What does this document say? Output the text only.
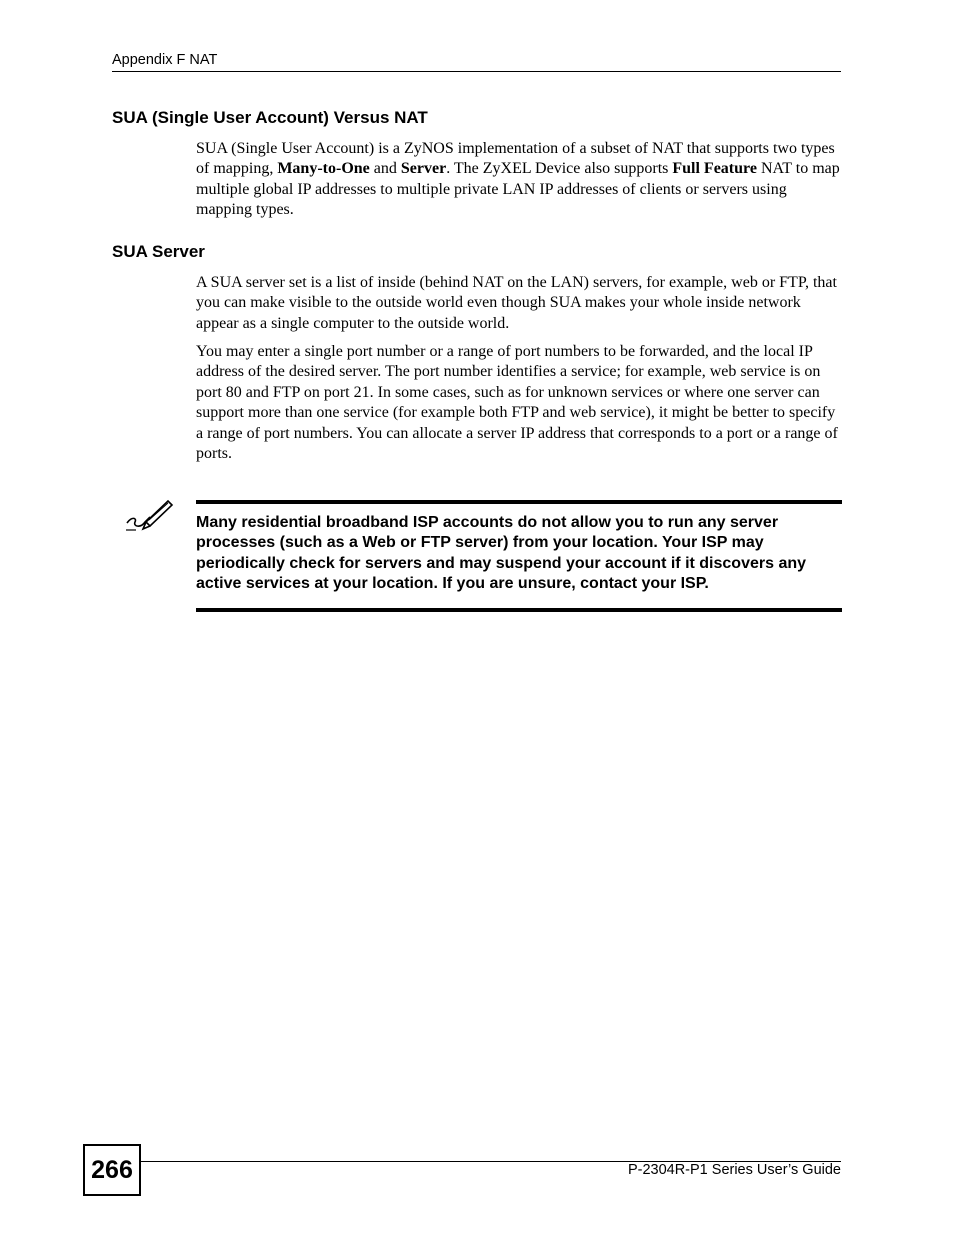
Appendix F NAT
SUA (Single User Account) Versus NAT

SUA (Single User Account) is a ZyNOS implementation of a subset of NAT that supports two types of mapping, Many-to-One and Server. The ZyXEL Device also supports Full Feature NAT to map multiple global IP addresses to multiple private LAN IP addresses of clients or servers using mapping types.

SUA Server

A SUA server set is a list of inside (behind NAT on the LAN) servers, for example, web or FTP, that you can make visible to the outside world even though SUA makes your whole inside network appear as a single computer to the outside world.

You may enter a single port number or a range of port numbers to be forwarded, and the local IP address of the desired server. The port number identifies a service; for example, web service is on port 80 and FTP on port 21. In some cases, such as for unknown services or where one server can support more than one service (for example both FTP and web service), it might be better to specify a range of port numbers. You can allocate a server IP address that corresponds to a port or a range of ports.

Many residential broadband ISP accounts do not allow you to run any server processes (such as a Web or FTP server) from your location. Your ISP may periodically check for servers and may suspend your account if it discovers any active services at your location. If you are unsure, contact your ISP.

266	P-2304R-P1 Series User’s Guide
